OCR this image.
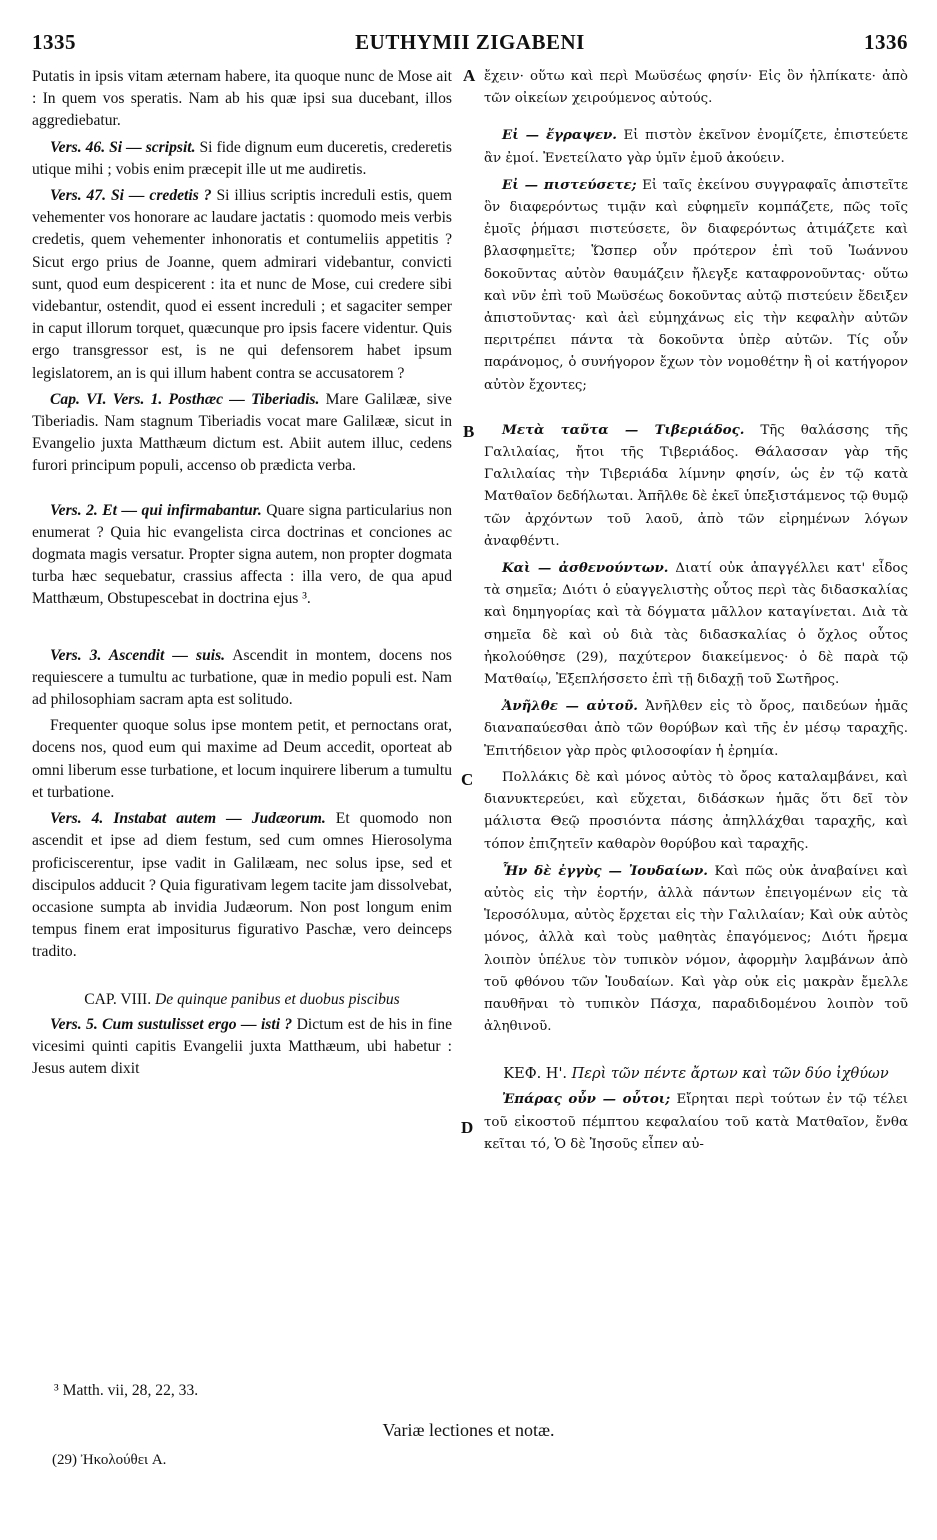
1335	EUTHYMII ZIGABENI	1336
A
B
C
D

Putatis in ipsis vitam æternam habere, ita quoque nunc de Mose ait : In quem vos speratis. Nam ab his quæ ipsi sua ducebant, illos aggrediebatur.

Vers. 46. Si — scripsit. Si fide dignum eum duceretis, crederetis utique mihi ; vobis enim præcepit ille ut me audiretis.

Vers. 47. Si — credetis ? Si illius scriptis increduli estis, quem vehementer vos honorare ac laudare jactatis : quomodo meis verbis credetis, quem vehementer inhonoratis et contumeliis appetitis ? Sicut ergo prius de Joanne, quem admirari videbantur, convicti sunt, quod eum despicerent : ita et nunc de Mose, cui credere sibi videbantur, ostendit, quod ei essent increduli ; et sagaciter semper in caput illorum torquet, quæcunque pro ipsis facere videntur. Quis ergo transgressor est, is ne qui defensorem habet ipsum legislatorem, an is qui illum habent contra se accusatorem ?

Cap. VI. Vers. 1. Posthæc — Tiberiadis. Mare Galilææ, sive Tiberiadis. Nam stagnum Tiberiadis vocat mare Galilææ, sicut in Evangelio juxta Matthæum dictum est. Abiit autem illuc, cedens furori principum populi, accenso ob prædicta verba.

Vers. 2. Et — qui infirmabantur. Quare signa particularius non enumerat ? Quia hic evangelista circa doctrinas et conciones ac dogmata magis versatur. Propter signa autem, non propter dogmata turba hæc sequebatur, crassius affecta : illa vero, de qua apud Matthæum, Obstupescebat in doctrina ejus ³.

Vers. 3. Ascendit — suis. Ascendit in montem, docens nos requiescere a tumultu ac turbatione, quæ in medio populi est. Nam ad philosophiam sacram apta est solitudo.

Frequenter quoque solus ipse montem petit, et pernoctans orat, docens nos, quod eum qui maxime ad Deum accedit, oporteat ab omni liberum esse turbatione, et locum inquirere liberum a tumultu et turbatione.

Vers. 4. Instabat autem — Judæorum. Et quomodo non ascendit et ipse ad diem festum, sed cum omnes Hierosolyma proficiscerentur, ipse vadit in Galilæam, nec solus ipse, sed et discipulos adducit ? Quia figurativam legem tacite jam dissolvebat, occasione sumpta ab invidia Judæorum. Non post longum enim tempus finem erat impositurus figurativo Paschæ, vero deinceps tradito.

CAP. VIII. De quinque panibus et duobus piscibus

Vers. 5. Cum sustulisset ergo — isti ? Dictum est de his in fine vicesimi quinti capitis Evangelii juxta Matthæum, ubi habetur : Jesus autem dixit

ἔχειν· οὕτω καὶ περὶ Μωϋσέως φησίν· Εἰς ὃν ἠλπίκατε· ἀπὸ τῶν οἰκείων χειρούμενος αὐτούς.

Εἰ — ἔγραψεν. Εἰ πιστὸν ἐκεῖνον ἐνομίζετε, ἐπιστεύετε ἂν ἐμοί. Ἐνετείλατο γὰρ ὑμῖν ἐμοῦ ἀκούειν.

Εἰ — πιστεύσετε; Εἰ ταῖς ἐκείνου συγγραφαῖς ἀπιστεῖτε ὃν διαφερόντως τιμᾷν καὶ εὐφημεῖν κομπάζετε, πῶς τοῖς ἐμοῖς ῥήμασι πιστεύσετε, ὃν διαφερόντως ἀτιμάζετε καὶ βλασφημεῖτε; Ὥσπερ οὖν πρότερον ἐπὶ τοῦ Ἰωάννου δοκοῦντας αὐτὸν θαυμάζειν ἤλεγξε καταφρονοῦντας· οὕτω καὶ νῦν ἐπὶ τοῦ Μωϋσέως δοκοῦντας αὐτῷ πιστεύειν ἔδειξεν ἀπιστοῦντας· καὶ ἀεὶ εὐμηχάνως εἰς τὴν κεφαλὴν αὐτῶν περιτρέπει πάντα τὰ δοκοῦντα ὑπὲρ αὐτῶν. Τίς οὖν παράνομος, ὁ συνήγορον ἔχων τὸν νομοθέτην ἢ οἱ κατήγορον αὐτὸν ἔχοντες;

Μετὰ ταῦτα — Τιβεριάδος. Τῆς θαλάσσης τῆς Γαλιλαίας, ἤτοι τῆς Τιβεριάδος. Θάλασσαν γὰρ τῆς Γαλιλαίας τὴν Τιβεριάδα λίμνην φησίν, ὡς ἐν τῷ κατὰ Ματθαῖον δεδήλωται. Ἀπῆλθε δὲ ἐκεῖ ὑπεξιστάμενος τῷ θυμῷ τῶν ἀρχόντων τοῦ λαοῦ, ἀπὸ τῶν εἰρημένων λόγων ἀναφθέντι.

Καὶ — ἀσθενούντων. Διατί οὐκ ἀπαγγέλλει κατ' εἶδος τὰ σημεῖα; Διότι ὁ εὐαγγελιστὴς οὗτος περὶ τὰς διδασκαλίας καὶ δημηγορίας καὶ τὰ δόγματα μᾶλλον καταγίνεται. Διὰ τὰ σημεῖα δὲ καὶ οὐ διὰ τὰς διδασκαλίας ὁ ὄχλος οὗτος ἠκολούθησε (29), παχύτερον διακείμενος· ὁ δὲ παρὰ τῷ Ματθαίῳ, Ἐξεπλήσσετο ἐπὶ τῇ διδαχῇ τοῦ Σωτῆρος.

Ἀνῆλθε — αὐτοῦ. Ἀνῆλθεν εἰς τὸ ὄρος, παιδεύων ἡμᾶς διαναπαύεσθαι ἀπὸ τῶν θορύβων καὶ τῆς ἐν μέσῳ ταραχῆς. Ἐπιτήδειον γὰρ πρὸς φιλοσοφίαν ἡ ἐρημία.

Πολλάκις δὲ καὶ μόνος αὐτὸς τὸ ὄρος καταλαμβάνει, καὶ διανυκτερεύει, καὶ εὔχεται, διδάσκων ἡμᾶς ὅτι δεῖ τὸν μάλιστα Θεῷ προσιόντα πάσης ἀπηλλάχθαι ταραχῆς, καὶ τόπον ἐπιζητεῖν καθαρὸν θορύβου καὶ ταραχῆς.

Ἦν δὲ ἐγγὺς — Ἰουδαίων. Καὶ πῶς οὐκ ἀναβαίνει καὶ αὐτὸς εἰς τὴν ἑορτήν, ἀλλὰ πάντων ἐπειγομένων εἰς τὰ Ἱεροσόλυμα, αὐτὸς ἔρχεται εἰς τὴν Γαλιλαίαν; Καὶ οὐκ αὐτὸς μόνος, ἀλλὰ καὶ τοὺς μαθητὰς ἐπαγόμενος; Διότι ἤρεμα λοιπὸν ὑπέλυε τὸν τυπικὸν νόμον, ἀφορμὴν λαμβάνων ἀπὸ τοῦ φθόνου τῶν Ἰουδαίων. Καὶ γὰρ οὐκ εἰς μακρὰν ἔμελλε παυθῆναι τὸ τυπικὸν Πάσχα, παραδιδομένου λοιπὸν τοῦ ἀληθινοῦ.

ΚΕΦ. Η'. Περὶ τῶν πέντε ἄρτων καὶ τῶν δύο ἰχθύων

Ἐπάρας οὖν — οὗτοι; Εἴρηται περὶ τούτων ἐν τῷ τέλει τοῦ εἰκοστοῦ πέμπτου κεφαλαίου τοῦ κατὰ Ματθαῖον, ἔνθα κεῖται τό, Ὁ δὲ Ἰησοῦς εἶπεν αὐ-

³ Matth. vii, 28, 22, 33.
Variæ lectiones et notæ.
(29) Ἠκολούθει A.
